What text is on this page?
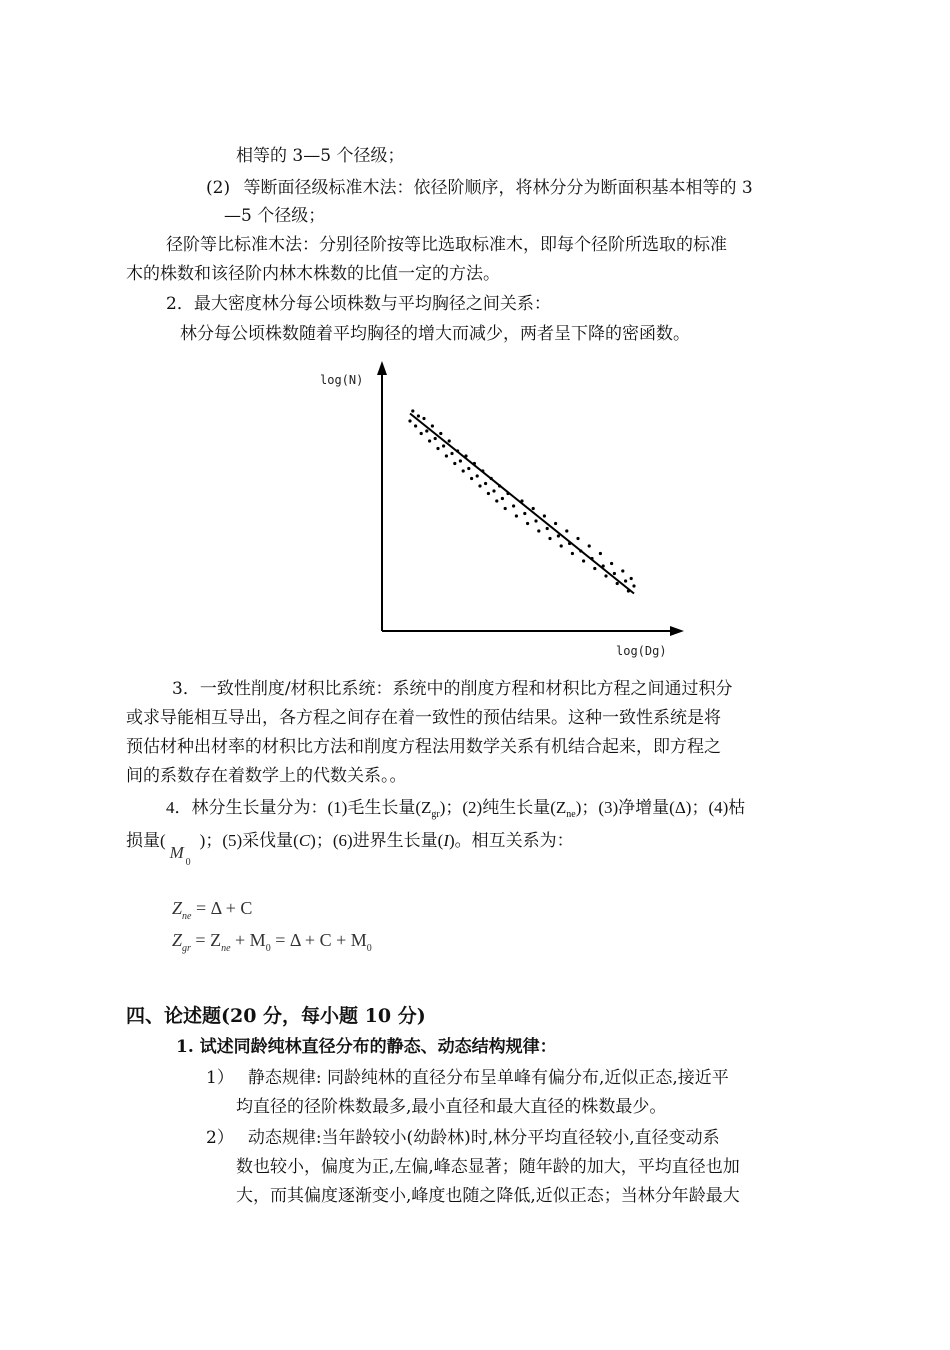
相等的 3—5 个径级；
(2) 等断面径级标准木法：依径阶顺序，将林分分为断面积基本相等的 3
—5 个径级；
径阶等比标准木法：分别径阶按等比选取标准木，即每个径阶所选取的标准
木的株数和该径阶内林木株数的比值一定的方法。
2．最大密度林分每公顷株数与平均胸径之间关系：
林分每公顷株数随着平均胸径的增大而减少，两者呈下降的密函数。
log(N)
log(Dg)
3．一致性削度/材积比系统：系统中的削度方程和材积比方程之间通过积分
或求导能相互导出，各方程之间存在着一致性的预估结果。这种一致性系统是将
预估材种出材率的材积比方法和削度方程法用数学关系有机结合起来，即方程之
间的系数存在着数学上的代数关系。。
4．林分生长量分为：(1)毛生长量$(Z_{gr})$；(2)纯生长量$(Z_{ne})$；(3)净增量(Δ)；(4)枯
损量(
M
0
)；(5)采伐量(C)；(6)进界生长量(I)。相互关系为：
$Z_{ne} = \Delta + C$
$Z_{gr} = Z_{ne} + M_0 = \Delta + C + M_0$
四、论述题(20 分，每小题 10 分)
1. 试述同龄纯林直径分布的静态、动态结构规律：
1） 静态规律: 同龄纯林的直径分布呈单峰有偏分布,近似正态,接近平
均直径的径阶株数最多,最小直径和最大直径的株数最少。
2） 动态规律:当年龄较小(幼龄林)时,林分平均直径较小,直径变动系
数也较小，偏度为正,左偏,峰态显著；随年龄的加大，平均直径也加
大，而其偏度逐渐变小,峰度也随之降低,近似正态；当林分年龄最大
